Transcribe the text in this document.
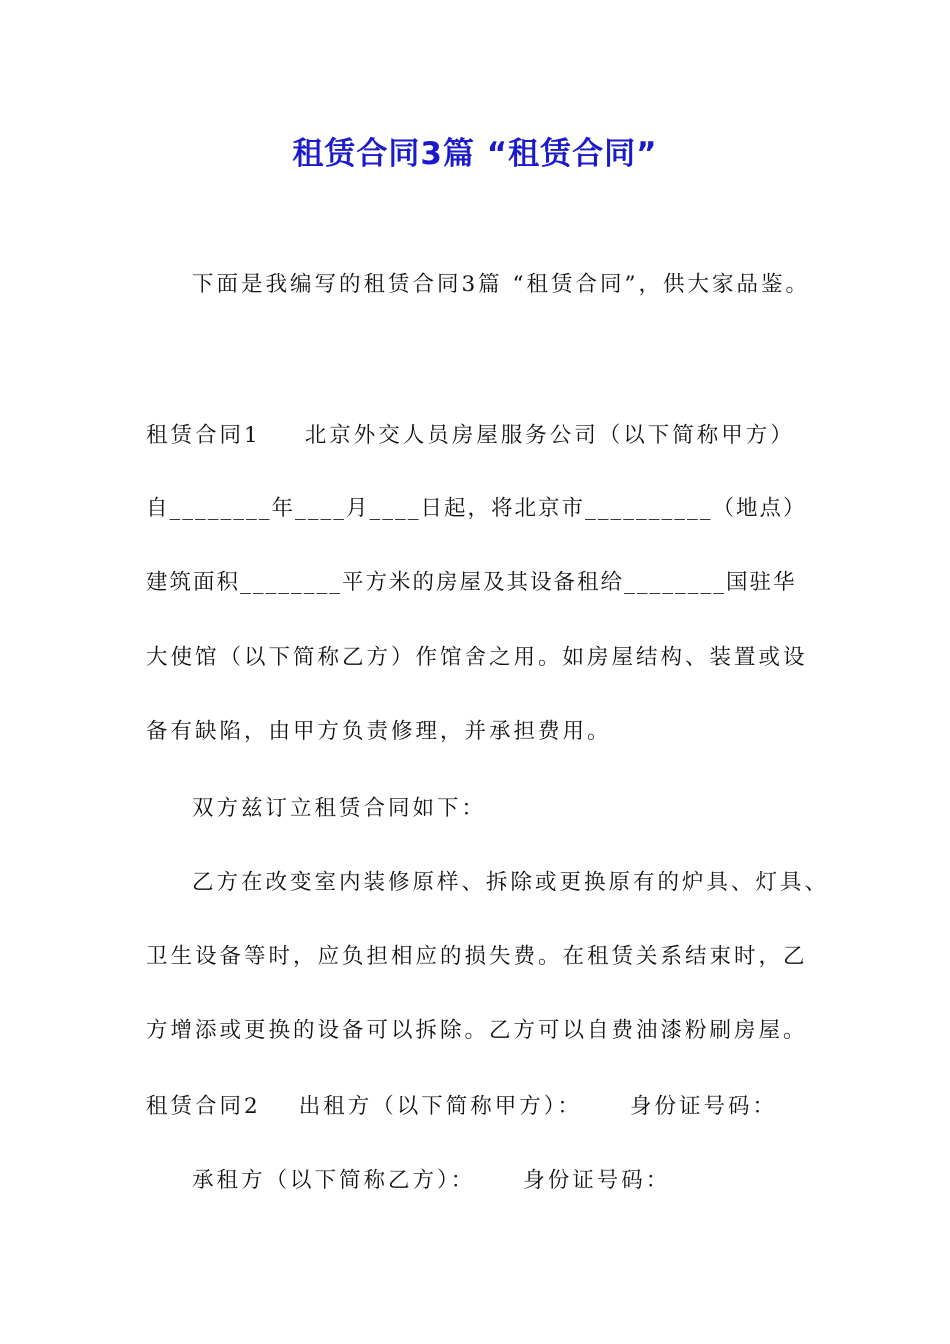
租赁合同3篇 “租赁合同”
下面是我编写的租赁合同3篇 “租赁合同”，供大家品鉴。
租赁合同1 北京外交人员房屋服务公司（以下简称甲方）
自________年____月____日起，将北京市__________（地点）
建筑面积________平方米的房屋及其设备租给________国驻华
大使馆（以下简称乙方）作馆舍之用。如房屋结构、装置或设
备有缺陷，由甲方负责修理，并承担费用。
双方兹订立租赁合同如下：
乙方在改变室内装修原样、拆除或更换原有的炉具、灯具、
卫生设备等时，应负担相应的损失费。在租赁关系结束时，乙
方增添或更换的设备可以拆除。乙方可以自费油漆粉刷房屋。
租赁合同2 出租方（以下简称甲方）： 身份证号码：
承租方（以下简称乙方）： 身份证号码：
